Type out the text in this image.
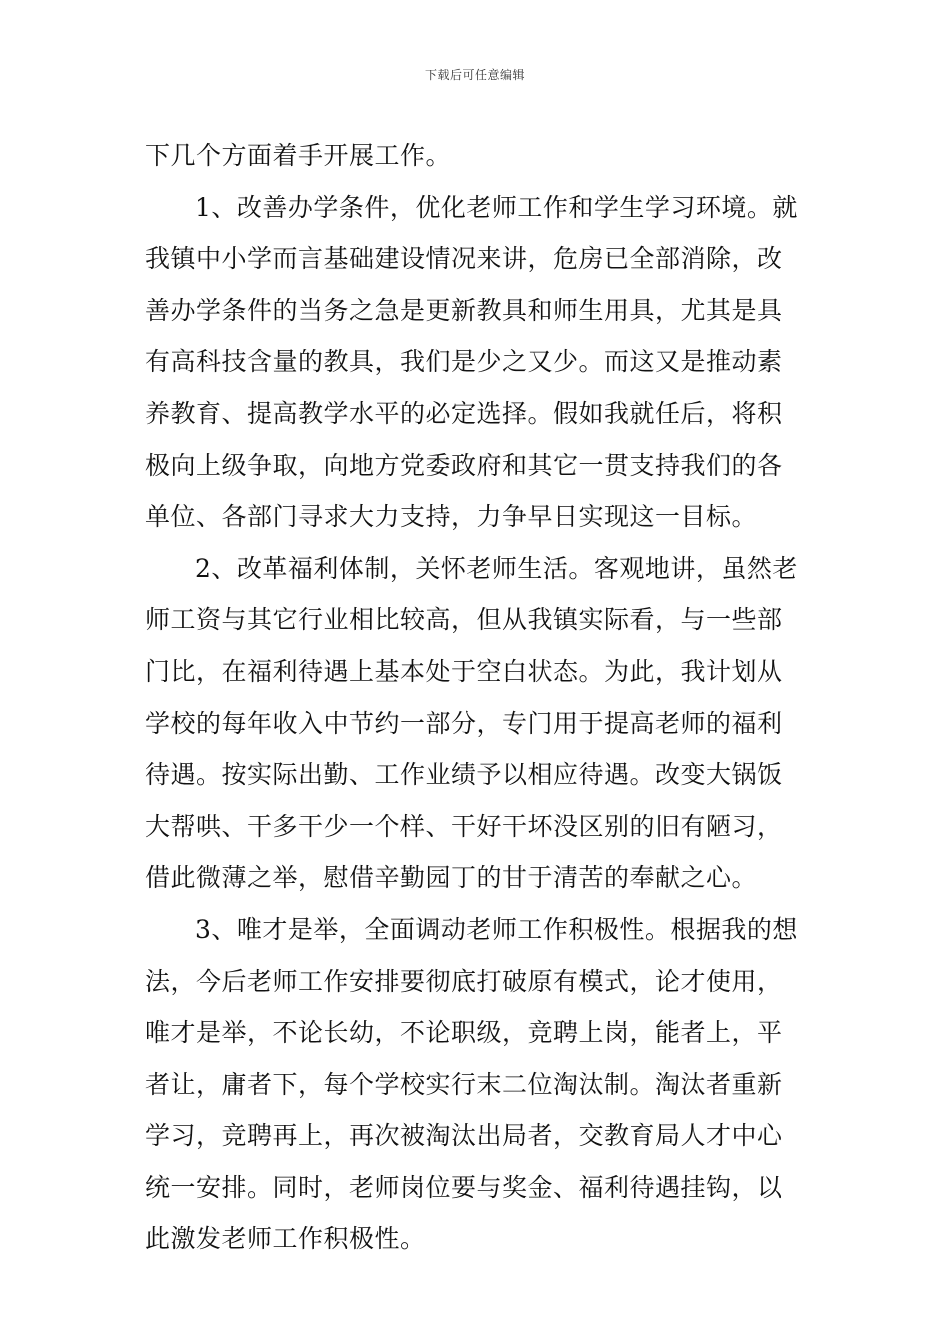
下载后可任意编辑
下几个方面着手开展工作。
1、改善办学条件，优化老师工作和学生学习环境。就
我镇中小学而言基础建设情况来讲，危房已全部消除，改
善办学条件的当务之急是更新教具和师生用具，尤其是具
有高科技含量的教具，我们是少之又少。而这又是推动素
养教育、提高教学水平的必定选择。假如我就任后，将积
极向上级争取，向地方党委政府和其它一贯支持我们的各
单位、各部门寻求大力支持，力争早日实现这一目标。
2、改革福利体制，关怀老师生活。客观地讲，虽然老
师工资与其它行业相比较高，但从我镇实际看，与一些部
门比，在福利待遇上基本处于空白状态。为此，我计划从
学校的每年收入中节约一部分，专门用于提高老师的福利
待遇。按实际出勤、工作业绩予以相应待遇。改变大锅饭
大帮哄、干多干少一个样、干好干坏没区别的旧有陋习，
借此微薄之举，慰借辛勤园丁的甘于清苦的奉献之心。
3、唯才是举，全面调动老师工作积极性。根据我的想
法，今后老师工作安排要彻底打破原有模式，论才使用，
唯才是举，不论长幼，不论职级，竞聘上岗，能者上，平
者让，庸者下，每个学校实行末二位淘汰制。淘汰者重新
学习，竞聘再上，再次被淘汰出局者，交教育局人才中心
统一安排。同时，老师岗位要与奖金、福利待遇挂钩，以
此激发老师工作积极性。
